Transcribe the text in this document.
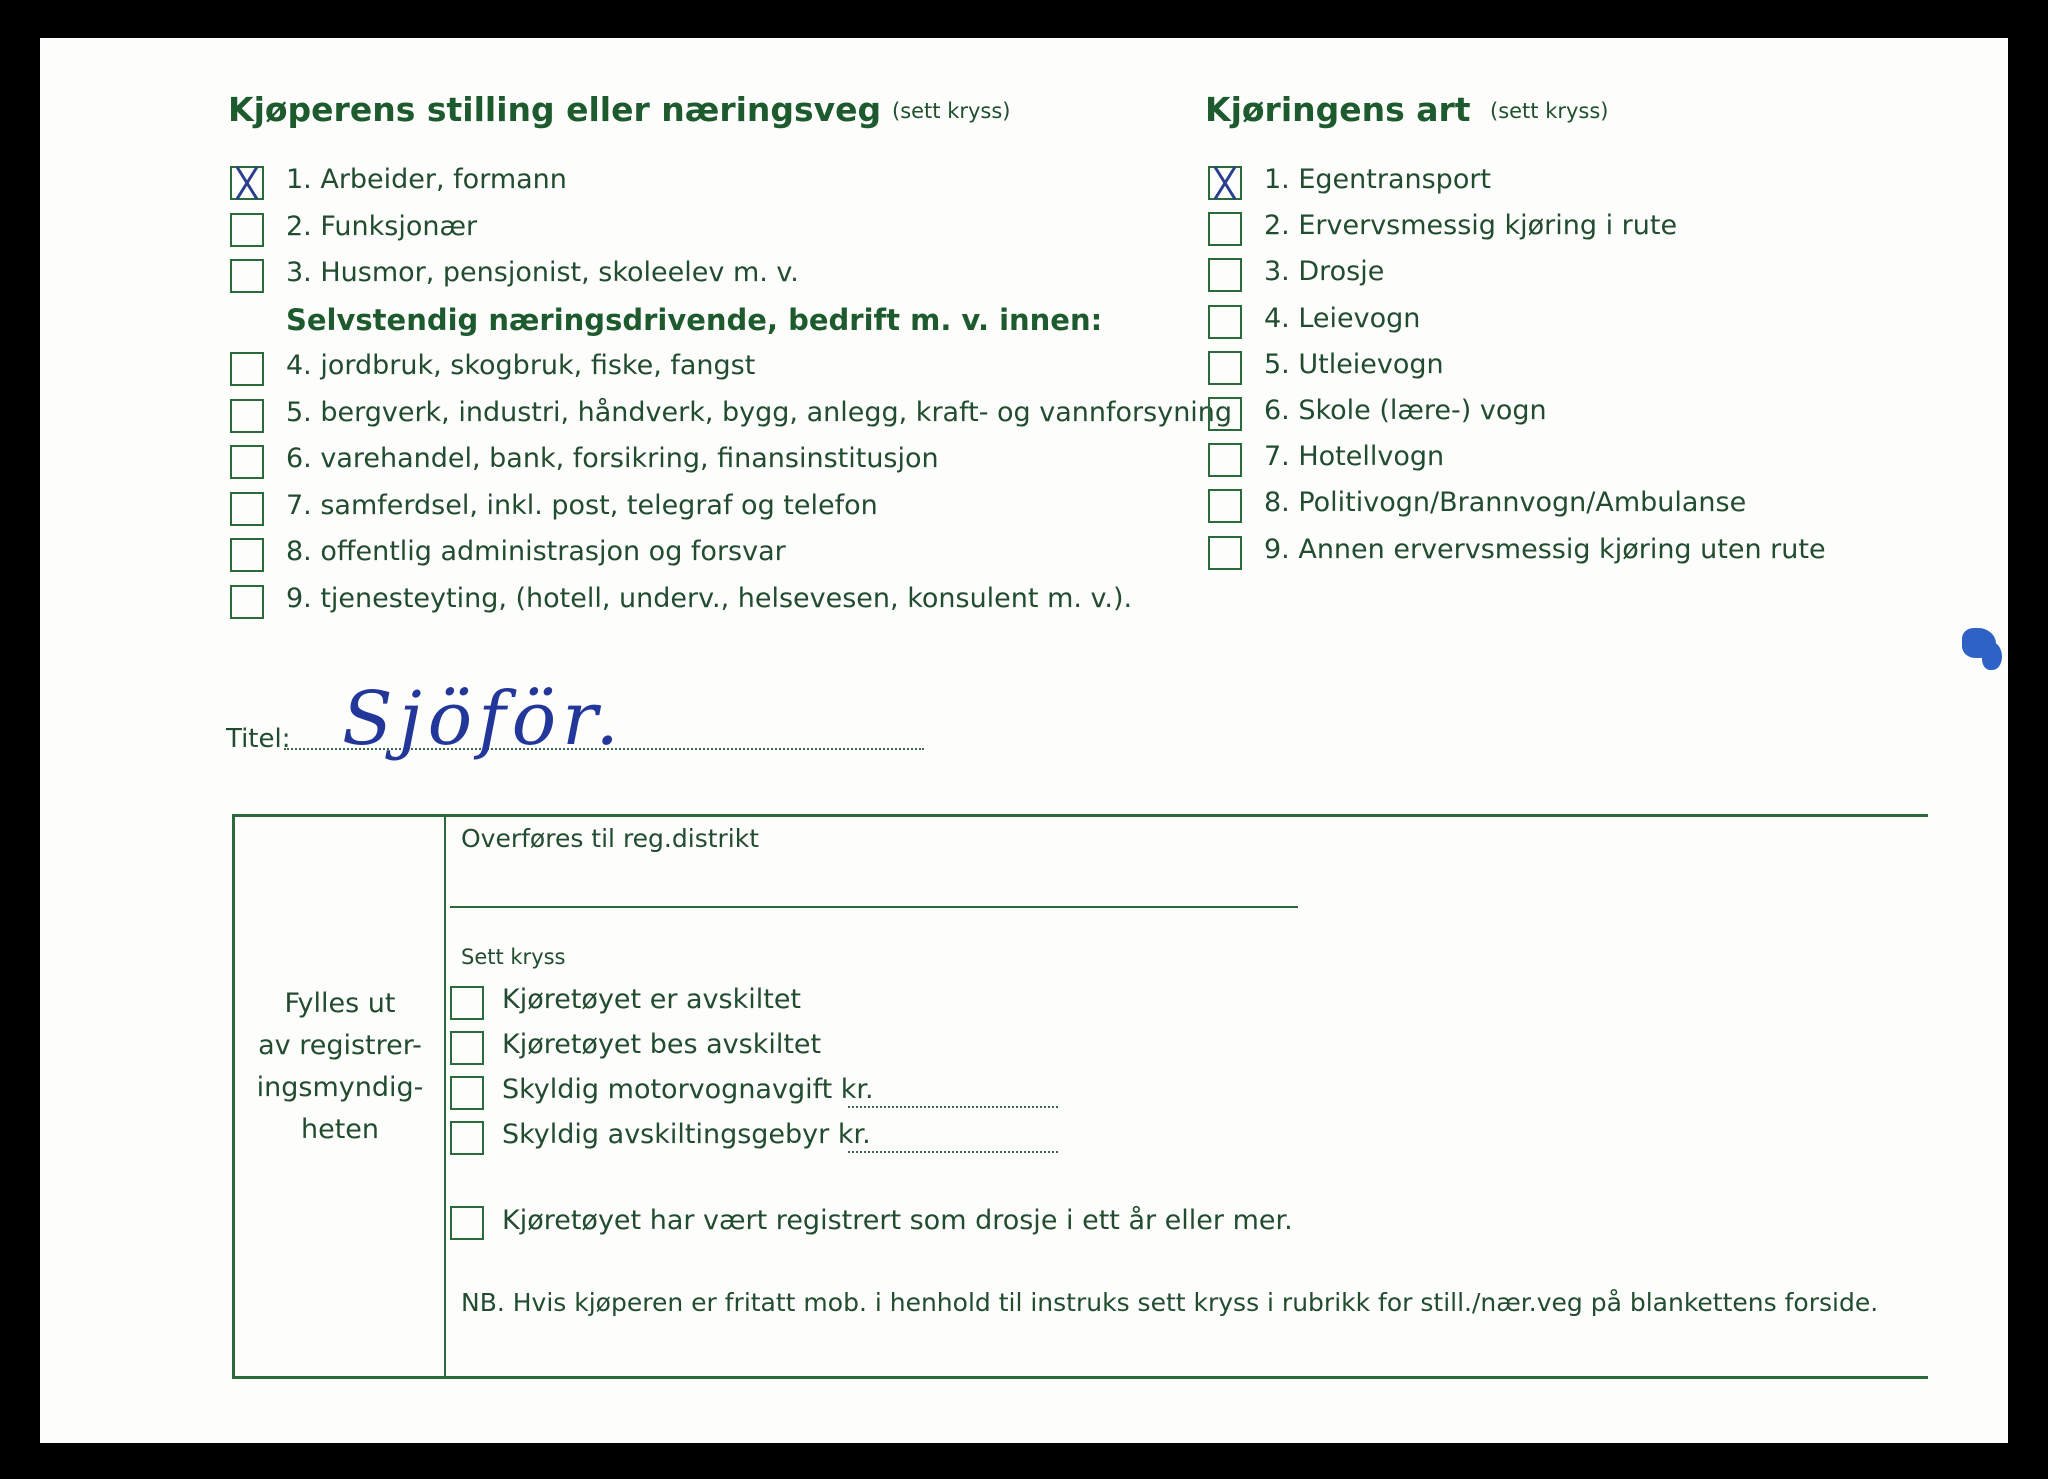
Kjøperens stilling eller næringsveg (sett kryss)
1. Arbeider, formann
2. Funksjonær
3. Husmor, pensjonist, skoleelev m. v.
Selvstendig næringsdrivende, bedrift m. v. innen:
4. jordbruk, skogbruk, fiske, fangst
5. bergverk, industri, håndverk, bygg, anlegg, kraft- og vannforsyning
6. varehandel, bank, forsikring, finansinstitusjon
7. samferdsel, inkl. post, telegraf og telefon
8. offentlig administrasjon og forsvar
9. tjenesteyting, (hotell, underv., helsevesen, konsulent m. v.).
Titel: Sjöför.
Kjøringens art (sett kryss)
1. Egentransport
2. Ervervsmessig kjøring i rute
3. Drosje
4. Leievogn
5. Utleievogn
6. Skole (lære-) vogn
7. Hotellvogn
8. Politivogn/Brannvogn/Ambulanse
9. Annen ervervsmessig kjøring uten rute
Fylles ut
av registrer-
ingsmyndig-
heten
Overføres til reg.distrikt
Sett kryss
Kjøretøyet er avskiltet
Kjøretøyet bes avskiltet
Skyldig motorvognavgift kr.
Skyldig avskiltingsgebyr kr.
Kjøretøyet har vært registrert som drosje i ett år eller mer.
NB. Hvis kjøperen er fritatt mob. i henhold til instruks sett kryss i rubrikk for still./nær.veg på blankettens forside.
